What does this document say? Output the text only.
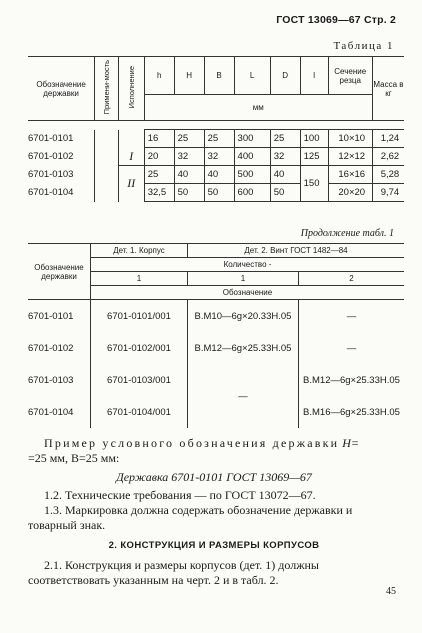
ГОСТ 13069—67 Стр. 2
Таблица 1
Обозначение державки	Примени-мость	Исполнение	h	H	B	L	D	l	Сечение резца	Масса в кг
			мм							

6701-0101			16	25	25	300	25	100	10×10	1,24
6701-0102		I	20	32	32	400	32	125	12×12	2,62
6701-0103		II	25	40	40	500	40	150	16×16	5,28
6701-0104			32,5	50	50	600	50		20×20	9,74
Продолжение табл. 1
Обозначение державки	Дет. 1. Корпус	Дет. 2. Винт ГОСТ 1482—84	
	Количество -		
	1	1	2
	Обозначение		
6701-0101	6701-0101/001	В.М10—6g×20.33Н.05	—
6701-0102	6701-0102/001	В.М12—6g×25.33Н.05	—
6701-0103	6701-0103/001	—	В.М12—6g×25.33Н.05
6701-0104	6701-0104/001		В.М16—6g×25.33Н.05
Пример условного обозначения державки H=
=25 мм, B=25 мм:
Державка 6701-0101 ГОСТ 13069—67
1.2. Технические требования — по ГОСТ 13072—67.
1.3. Маркировка должна содержать обозначение державки и товарный знак.
2. КОНСТРУКЦИЯ И РАЗМЕРЫ КОРПУСОВ
2.1. Конструкция и размеры корпусов (дет. 1) должны соответствовать указанным на черт. 2 и в табл. 2.
45
